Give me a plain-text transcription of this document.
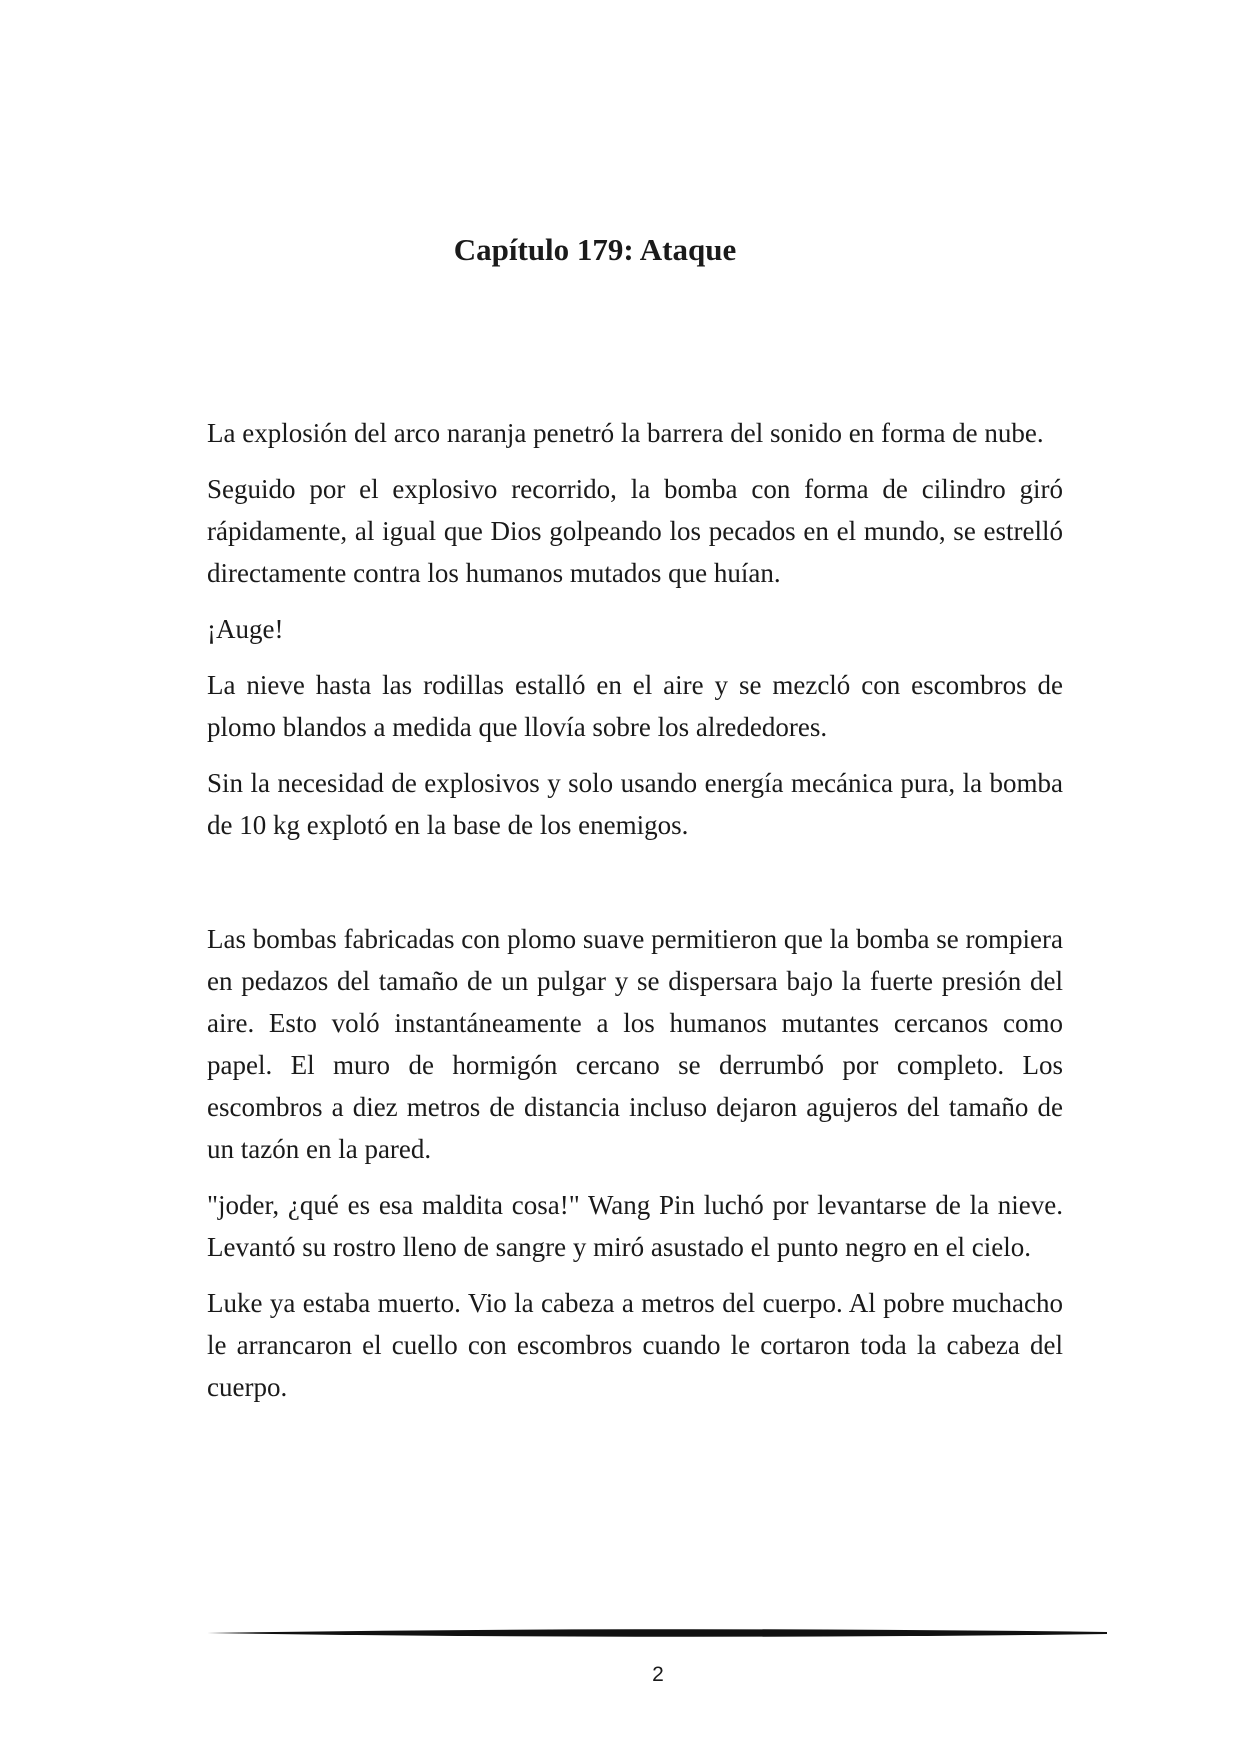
Capítulo 179: Ataque

La explosión del arco naranja penetró la barrera del sonido en forma de nube.

Seguido por el explosivo recorrido, la bomba con forma de cilindro giró rápidamente, al igual que Dios golpeando los pecados en el mundo, se estrelló directamente contra los humanos mutados que huían.

¡Auge!

La nieve hasta las rodillas estalló en el aire y se mezcló con escombros de plomo blandos a medida que llovía sobre los alrededores.

Sin la necesidad de explosivos y solo usando energía mecánica pura, la bomba de 10 kg explotó en la base de los enemigos.

Las bombas fabricadas con plomo suave permitieron que la bomba se rompiera en pedazos del tamaño de un pulgar y se dispersara bajo la fuerte presión del aire. Esto voló instantáneamente a los humanos mutantes cercanos como papel. El muro de hormigón cercano se derrumbó por completo. Los escombros a diez metros de distancia incluso dejaron agujeros del tamaño de un tazón en la pared.

"joder, ¿qué es esa maldita cosa!" Wang Pin luchó por levantarse de la nieve. Levantó su rostro lleno de sangre y miró asustado el punto negro en el cielo.

Luke ya estaba muerto. Vio la cabeza a metros del cuerpo. Al pobre muchacho le arrancaron el cuello con escombros cuando le cortaron toda la cabeza del cuerpo.

2
